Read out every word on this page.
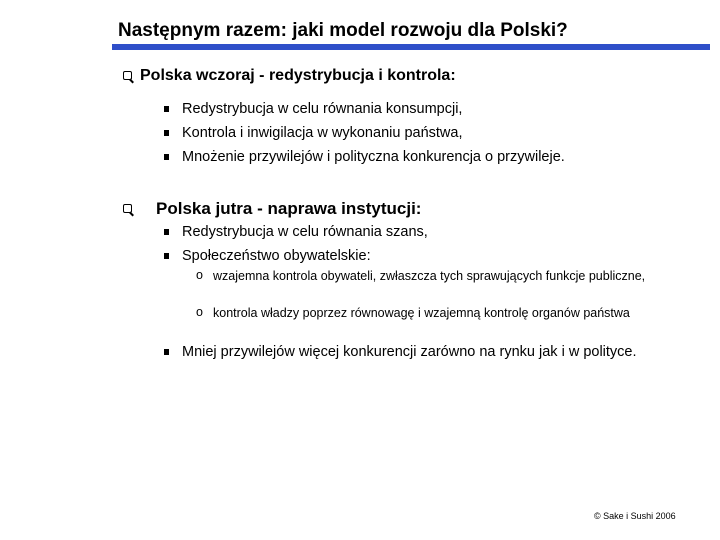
Następnym razem: jaki model rozwoju dla Polski?
Polska wczoraj - redystrybucja i kontrola:
Redystrybucja w celu równania konsumpcji,
Kontrola i inwigilacja w wykonaniu państwa,
Mnożenie przywilejów i polityczna konkurencja o przywileje.
Polska jutra - naprawa instytucji:
Redystrybucja w celu równania szans,
Społeczeństwo obywatelskie:
o wzajemna kontrola obywateli, zwłaszcza tych sprawujących funkcje publiczne,
o kontrola władzy poprzez równowagę i wzajemną kontrolę organów państwa
Mniej przywilejów więcej konkurencji zarówno na rynku jak i w polityce.
© Sake i Sushi 2006
